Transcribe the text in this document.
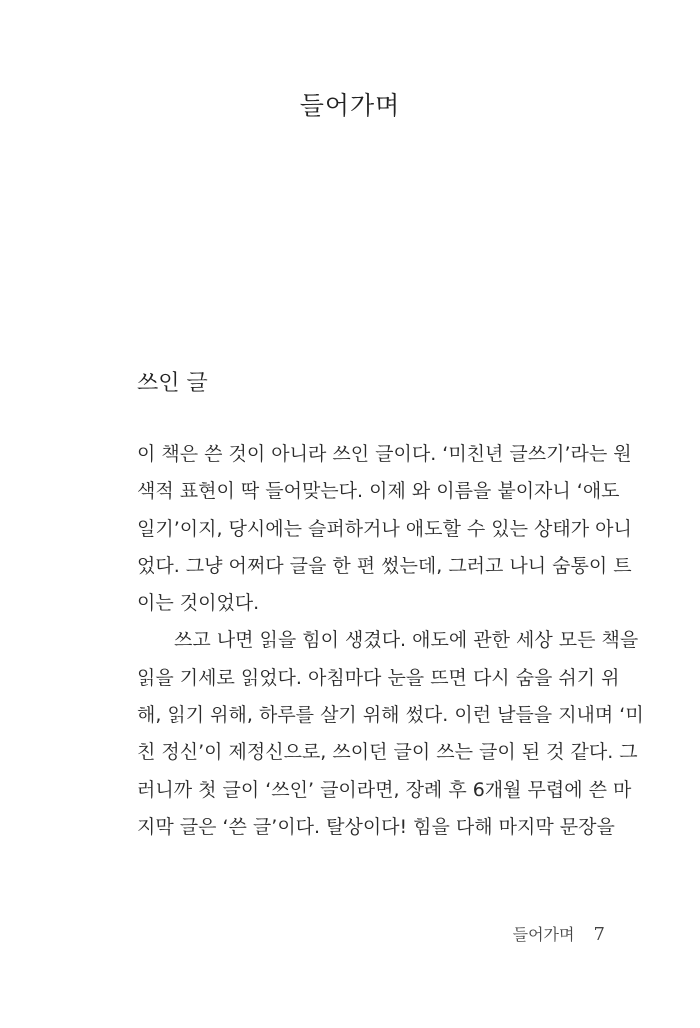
들어가며
쓰인 글
이 책은 쓴 것이 아니라 쓰인 글이다. ‘미친년 글쓰기’라는 원
색적 표현이 딱 들어맞는다. 이제 와 이름을 붙이자니 ‘애도
일기’이지, 당시에는 슬퍼하거나 애도할 수 있는 상태가 아니
었다. 그냥 어쩌다 글을 한 편 썼는데, 그러고 나니 숨통이 트
이는 것이었다.
쓰고 나면 읽을 힘이 생겼다. 애도에 관한 세상 모든 책을
읽을 기세로 읽었다. 아침마다 눈을 뜨면 다시 숨을 쉬기 위
해, 읽기 위해, 하루를 살기 위해 썼다. 이런 날들을 지내며 ‘미
친 정신’이 제정신으로, 쓰이던 글이 쓰는 글이 된 것 같다. 그
러니까 첫 글이 ‘쓰인’ 글이라면, 장례 후 6개월 무렵에 쓴 마
지막 글은 ‘쓴 글’이다. 탈상이다! 힘을 다해 마지막 문장을
들어가며 7
